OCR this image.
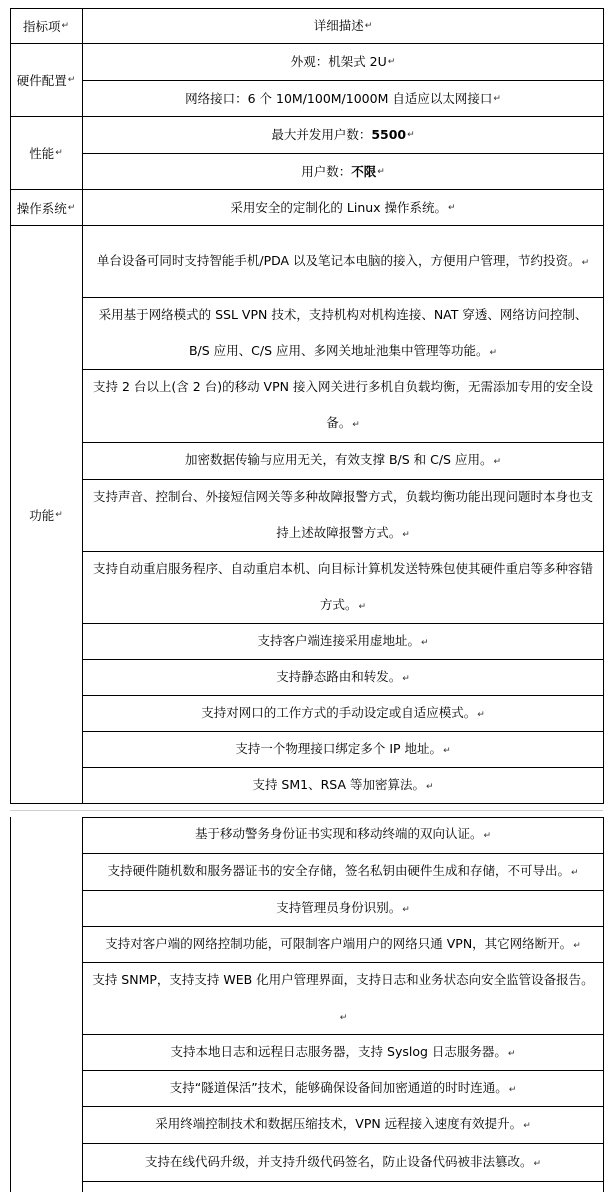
指标项 ↵	详细描述 ↵
硬件配置 ↵
外观：机架式 2U ↵
网络接口：6 个 10M/100M/1000M 自适应以太网接口 ↵
性能 ↵
最大并发用户数： 5500 ↵
用户数： 不限 ↵
操作系统 ↵	采用安全的定制化的 Linux 操作系统。 ↵
功能 ↵
单台设备可同时支持智能手机/PDA 以及笔记本电脑的接入，方便用户管理，节约投资。↵
采用基于网络模式的 SSL VPN 技术，支持机构对机构连接、NAT 穿透、网络访问控制、B/S 应用、C/S 应用、多网关地址池集中管理等功能。↵
支持 2 台以上(含 2 台)的移动 VPN 接入网关进行多机自负载均衡，无需添加专用的安全设备。↵
加密数据传输与应用无关，有效支撑 B/S 和 C/S 应用。↵
支持声音、控制台、外接短信网关等多种故障报警方式，负载均衡功能出现问题时本身也支持上述故障报警方式。↵
支持自动重启服务程序、自动重启本机、向目标计算机发送特殊包使其硬件重启等多种容错方式。↵
支持客户端连接采用虚地址。↵
支持静态路由和转发。↵
支持对网口的工作方式的手动设定或自适应模式。↵
支持一个物理接口绑定多个 IP 地址。↵
支持 SM1、RSA 等加密算法。↵
基于移动警务身份证书实现和移动终端的双向认证。↵
支持硬件随机数和服务器证书的安全存储，签名私钥由硬件生成和存储，不可导出。↵
支持管理员身份识别。↵
支持对客户端的网络控制功能，可限制客户端用户的网络只通 VPN，其它网络断开。↵
支持 SNMP，支持支持 WEB 化用户管理界面，支持日志和业务状态向安全监管设备报告。↵
支持本地日志和远程日志服务器，支持 Syslog 日志服务器。↵
支持“隧道保活”技术，能够确保设备间加密通道的时时连通。↵
采用终端控制技术和数据压缩技术，VPN 远程接入速度有效提升。↵
支持在线代码升级，并支持升级代码签名，防止设备代码被非法篡改。↵
